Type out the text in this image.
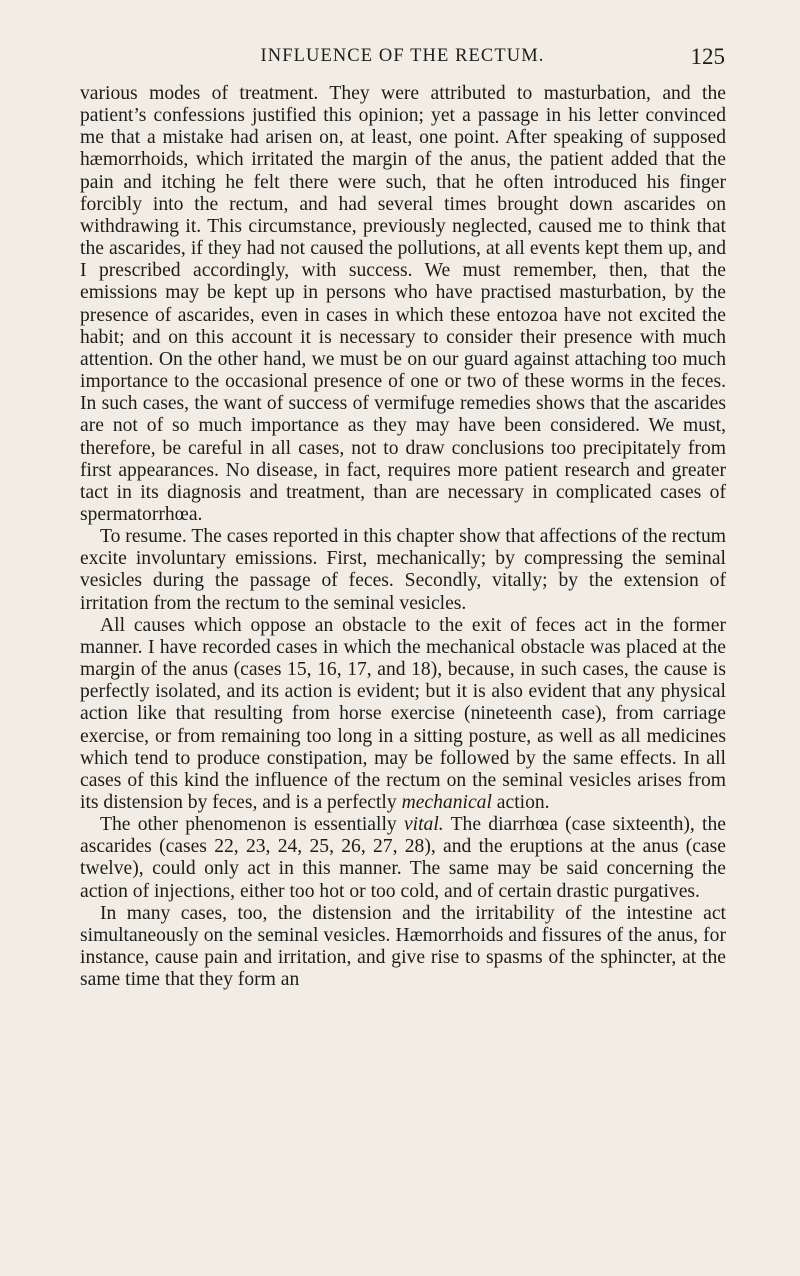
INFLUENCE OF THE RECTUM.	125

various modes of treatment. They were attributed to masturbation, and the patient’s confessions justified this opinion; yet a passage in his letter convinced me that a mistake had arisen on, at least, one point. After speaking of supposed hæmorrhoids, which irritated the margin of the anus, the patient added that the pain and itching he felt there were such, that he often introduced his finger forcibly into the rectum, and had several times brought down ascarides on withdrawing it. This circumstance, previously neglected, caused me to think that the ascarides, if they had not caused the pollutions, at all events kept them up, and I prescribed accordingly, with success. We must remember, then, that the emissions may be kept up in persons who have practised masturbation, by the presence of ascarides, even in cases in which these entozoa have not excited the habit; and on this account it is necessary to consider their presence with much attention. On the other hand, we must be on our guard against attaching too much importance to the occasional presence of one or two of these worms in the feces. In such cases, the want of success of vermifuge remedies shows that the ascarides are not of so much importance as they may have been considered. We must, therefore, be careful in all cases, not to draw conclusions too precipitately from first appearances. No disease, in fact, requires more patient research and greater tact in its diagnosis and treatment, than are necessary in complicated cases of spermatorrhœa.

To resume. The cases reported in this chapter show that affections of the rectum excite involuntary emissions. First, mechanically; by compressing the seminal vesicles during the passage of feces. Secondly, vitally; by the extension of irritation from the rectum to the seminal vesicles.

All causes which oppose an obstacle to the exit of feces act in the former manner. I have recorded cases in which the mechanical obstacle was placed at the margin of the anus (cases 15, 16, 17, and 18), because, in such cases, the cause is perfectly isolated, and its action is evident; but it is also evident that any physical action like that resulting from horse exercise (nineteenth case), from carriage exercise, or from remaining too long in a sitting posture, as well as all medicines which tend to produce constipation, may be followed by the same effects. In all cases of this kind the influence of the rectum on the seminal vesicles arises from its distension by feces, and is a perfectly mechanical action.

The other phenomenon is essentially vital. The diarrhœa (case sixteenth), the ascarides (cases 22, 23, 24, 25, 26, 27, 28), and the eruptions at the anus (case twelve), could only act in this manner. The same may be said concerning the action of injections, either too hot or too cold, and of certain drastic purgatives.

In many cases, too, the distension and the irritability of the intestine act simultaneously on the seminal vesicles. Hæmorrhoids and fissures of the anus, for instance, cause pain and irritation, and give rise to spasms of the sphincter, at the same time that they form an
